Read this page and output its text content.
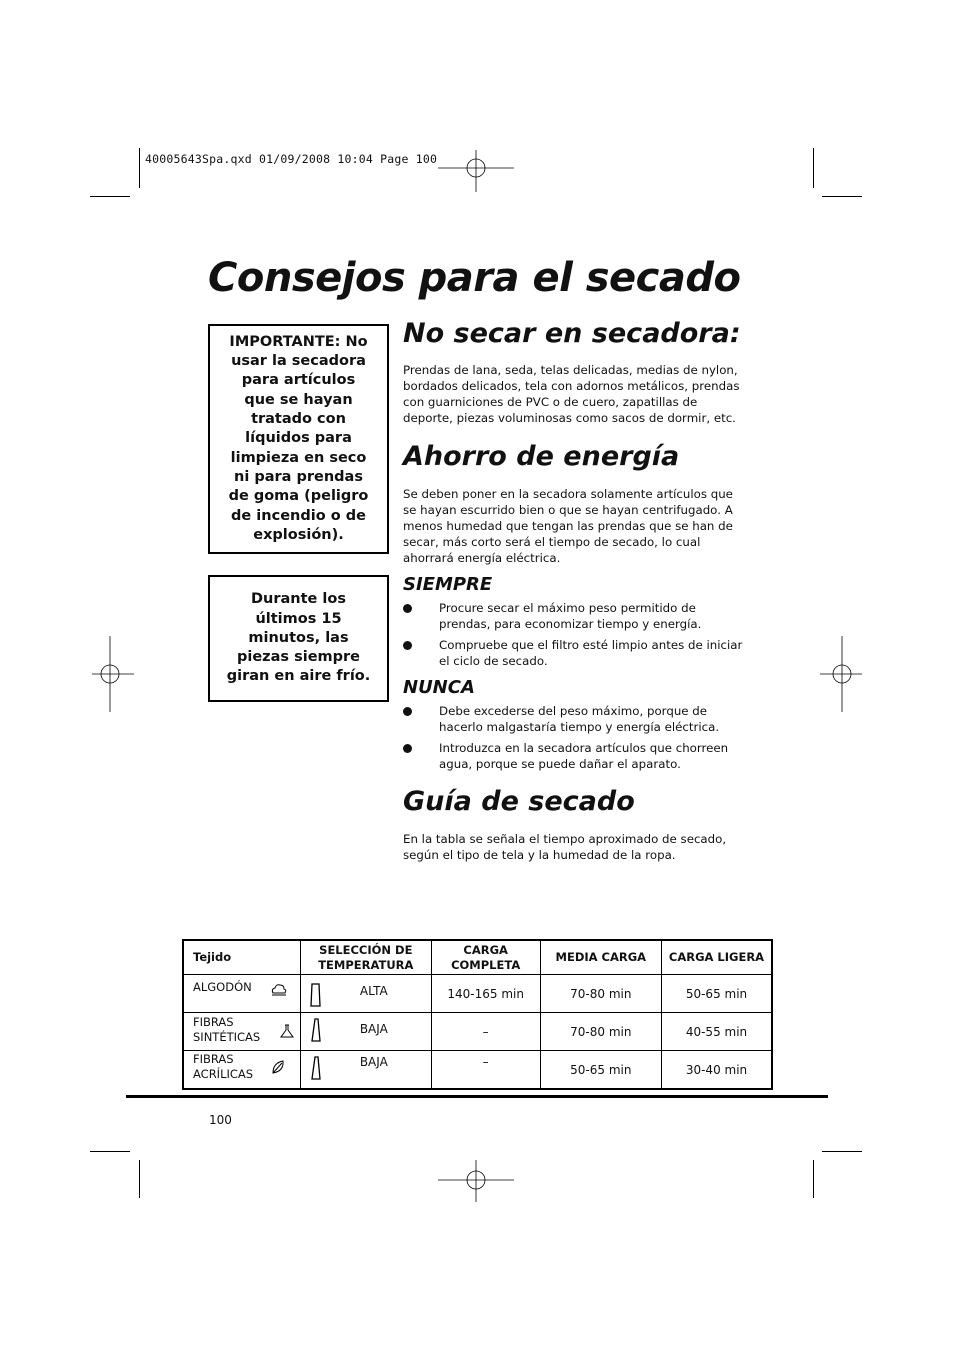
40005643Spa.qxd 01/09/2008 10:04 Page 100
Consejos para el secado
IMPORTANTE: No usar la secadora para artículos que se hayan tratado con líquidos para limpieza en seco ni para prendas de goma (peligro de incendio o de explosión).
Durante los últimos 15 minutos, las piezas siempre giran en aire frío.
No secar en secadora:
Prendas de lana, seda, telas delicadas, medias de nylon, bordados delicados, tela con adornos metálicos, prendas con guarniciones de PVC o de cuero, zapatillas de deporte, piezas voluminosas como sacos de dormir, etc.
Ahorro de energía
Se deben poner en la secadora solamente artículos que se hayan escurrido bien o que se hayan centrifugado. A menos humedad que tengan las prendas que se han de secar, más corto será el tiempo de secado, lo cual ahorrará energía eléctrica.
SIEMPRE
Procure secar el máximo peso permitido de prendas, para economizar tiempo y energía.
Compruebe que el filtro esté limpio antes de iniciar el ciclo de secado.
NUNCA
Debe excederse del peso máximo, porque de hacerlo malgastaría tiempo y energía eléctrica.
Introduzca en la secadora artículos que chorreen agua, porque se puede dañar el aparato.
Guía de secado
En la tabla se señala el tiempo aproximado de secado, según el tipo de tela y la humedad de la ropa.
Tejido	SELECCIÓN DE TEMPERATURA	CARGA COMPLETA	MEDIA CARGA	CARGA LIGERA

ALGODÓN	ALTA	140-165 min	70-80 min	50-65 min

FIBRAS SINTÉTICAS	BAJA	–	70-80 min	40-55 min

FIBRAS ACRÍLICAS	BAJA	–	50-65 min	30-40 min
100
